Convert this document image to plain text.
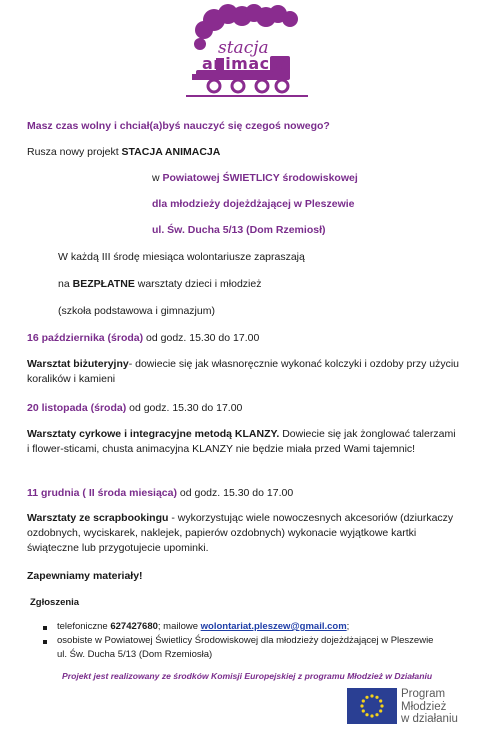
stacja
animacja
Masz czas wolny i chciał(a)byś nauczyć się czegoś nowego?
Rusza nowy projekt STACJA ANIMACJA
w Powiatowej ŚWIETLICY środowiskowej
dla młodzieży dojeżdżającej w Pleszewie
ul. Św. Ducha 5/13 (Dom Rzemiosł)
W każdą III środę miesiąca wolontariusze zapraszają
na BEZPŁATNE warsztaty dzieci i młodzież
(szkoła podstawowa i gimnazjum)
16 października (środa) od godz. 15.30 do 17.00
Warsztat biżuteryjny- dowiecie się jak własnoręcznie wykonać kolczyki i ozdoby przy użyciu koralików i kamieni
20 listopada (środa) od godz. 15.30 do 17.00
Warsztaty cyrkowe i integracyjne metodą KLANZY. Dowiecie się jak żonglować talerzami i flower-sticami, chusta animacyjna KLANZY nie będzie miała przed Wami tajemnic!
11 grudnia ( II środa miesiąca) od godz. 15.30 do 17.00
Warsztaty ze scrapbookingu - wykorzystując wiele nowoczesnych akcesoriów (dziurkaczy ozdobnych, wyciskarek, naklejek, papierów ozdobnych) wykonacie wyjątkowe kartki świąteczne lub przygotujecie upominki.
Zapewniamy materiały!
Zgłoszenia
telefoniczne 627427680; mailowe wolontariat.pleszew@gmail.com;
osobiste w Powiatowej Świetlicy Środowiskowej dla młodzieży dojeżdżającej w Pleszewie
ul. Św. Ducha 5/13 (Dom Rzemiosła)
Projekt jest realizowany ze środków Komisji Europejskiej z programu Młodzież w Działaniu
Program
Młodzież
w działaniu
